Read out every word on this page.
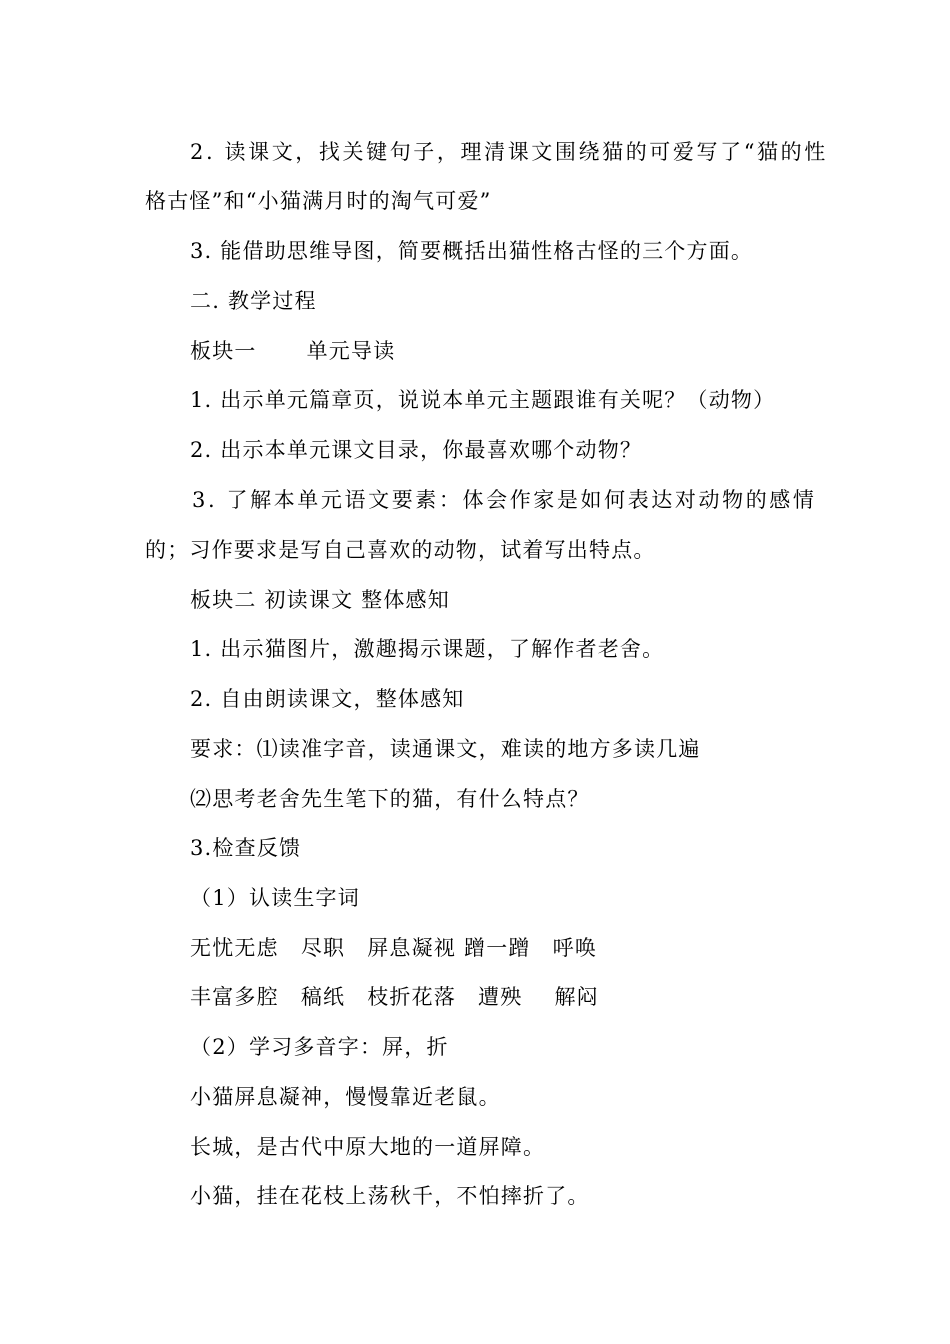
2. 读课文，找关键句子，理清课文围绕猫的可爱写了“猫的性
格古怪”和“小猫满月时的淘气可爱”
3. 能借助思维导图，简要概括出猫性格古怪的三个方面。
二. 教学过程
板块一 单元导读
1. 出示单元篇章页，说说本单元主题跟谁有关呢？（动物）
2. 出示本单元课文目录，你最喜欢哪个动物？
3. 了解本单元语文要素：体会作家是如何表达对动物的感情
的；习作要求是写自己喜欢的动物，试着写出特点。
板块二 初读课文 整体感知
1. 出示猫图片，激趣揭示课题，了解作者老舍。
2. 自由朗读课文，整体感知
要求：⑴读准字音，读通课文，难读的地方多读几遍
⑵思考老舍先生笔下的猫，有什么特点？
3.检查反馈
（1）认读生字词
无忧无虑 尽职 屏息凝视 蹭一蹭 呼唤
丰富多腔 稿纸 枝折花落 遭殃 解闷
（2）学习多音字：屏，折
小猫屏息凝神，慢慢靠近老鼠。
长城，是古代中原大地的一道屏障。
小猫，挂在花枝上荡秋千，不怕摔折了。
